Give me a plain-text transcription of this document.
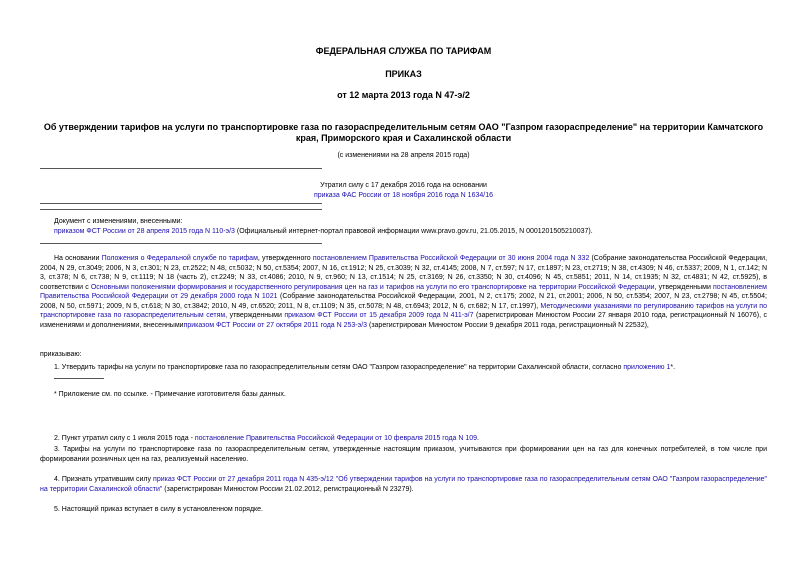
ФЕДЕРАЛЬНАЯ СЛУЖБА ПО ТАРИФАМ
ПРИКАЗ
от 12 марта 2013 года N 47-э/2
Об утверждении тарифов на услуги по транспортировке газа по газораспределительным сетям ОАО "Газпром газораспределение" на территории Камчатского края, Приморского края и Сахалинской области
(с изменениями на 28 апреля 2015 года)
Утратил силу с 17 декабря 2016 года на основании
приказа ФАС России от 18 ноября 2016 года N 1634/16
Документ с изменениями, внесенными:
приказом ФСТ России от 28 апреля 2015 года N 110-э/3 (Официальный интернет-портал правовой информации www.pravo.gov.ru, 21.05.2015, N 0001201505210037).
На основании Положения о Федеральной службе по тарифам, утвержденного постановлением Правительства Российской Федерации от 30 июня 2004 года N 332 (Собрание законодательства Российской Федерации, 2004, N 29, ст.3049; 2006, N 3, ст.301; N 23, ст.2522; N 48, ст.5032; N 50, ст.5354; 2007, N 16, ст.1912; N 25, ст.3039; N 32, ст.4145; 2008, N 7, ст.597; N 17, ст.1897; N 23, ст.2719; N 38, ст.4309; N 46, ст.5337; 2009, N 1, ст.142; N 3, ст.378; N 6, ст.738; N 9, ст.1119; N 18 (часть 2), ст.2249; N 33, ст.4086; 2010, N 9, ст.960; N 13, ст.1514; N 25, ст.3169; N 26, ст.3350; N 30, ст.4096; N 45, ст.5851; 2011, N 14, ст.1935; N 32, ст.4831; N 42, ст.5925), в соответствии с Основными положениями формирования и государственного регулирования цен на газ и тарифов на услуги по его транспортировке на территории Российской Федерации, утвержденными постановлением Правительства Российской Федерации от 29 декабря 2000 года N 1021 (Собрание законодательства Российской Федерации, 2001, N 2, ст.175; 2002, N 21, ст.2001; 2006, N 50, ст.5354; 2007, N 23, ст.2798; N 45, ст.5504; 2008, N 50, ст.5971; 2009, N 5, ст.618; N 30, ст.3842; 2010, N 49, ст.6520; 2011, N 8, ст.1109; N 35, ст.5078; N 48, ст.6943; 2012, N 6, ст.682; N 17, ст.1997), Методическими указаниями по регулированию тарифов на услуги по транспортировке газа по газораспределительным сетям, утвержденными приказом ФСТ России от 15 декабря 2009 года N 411-э/7 (зарегистрирован Минюстом России 27 января 2010 года, регистрационный N 16076), с изменениями и дополнениями, внесеннымиприказом ФСТ России от 27 октября 2011 года N 253-э/3 (зарегистрирован Минюстом России 9 декабря 2011 года, регистрационный N 22532),
приказываю:
1. Утвердить тарифы на услуги по транспортировке газа по газораспределительным сетям ОАО "Газпром газораспределение" на территории Сахалинской области, согласно приложению 1*.
* Приложение см. по ссылке. - Примечание изготовителя базы данных.
2. Пункт утратил силу с 1 июля 2015 года - постановление Правительства Российской Федерации от 10 февраля 2015 года N 109.
3. Тарифы на услуги по транспортировке газа по газораспределительным сетям, утвержденные настоящим приказом, учитываются при формировании цен на газ для конечных потребителей, в том числе при формировании розничных цен на газ, реализуемый населению.
4. Признать утратившим силу приказ ФСТ России от 27 декабря 2011 года N 435-э/12 "Об утверждении тарифов на услуги по транспортировке газа по газораспределительным сетям ОАО "Газпром газораспределение" на территории Сахалинской области" (зарегистрирован Минюстом России 21.02.2012, регистрационный N 23279).
5. Настоящий приказ вступает в силу в установленном порядке.
